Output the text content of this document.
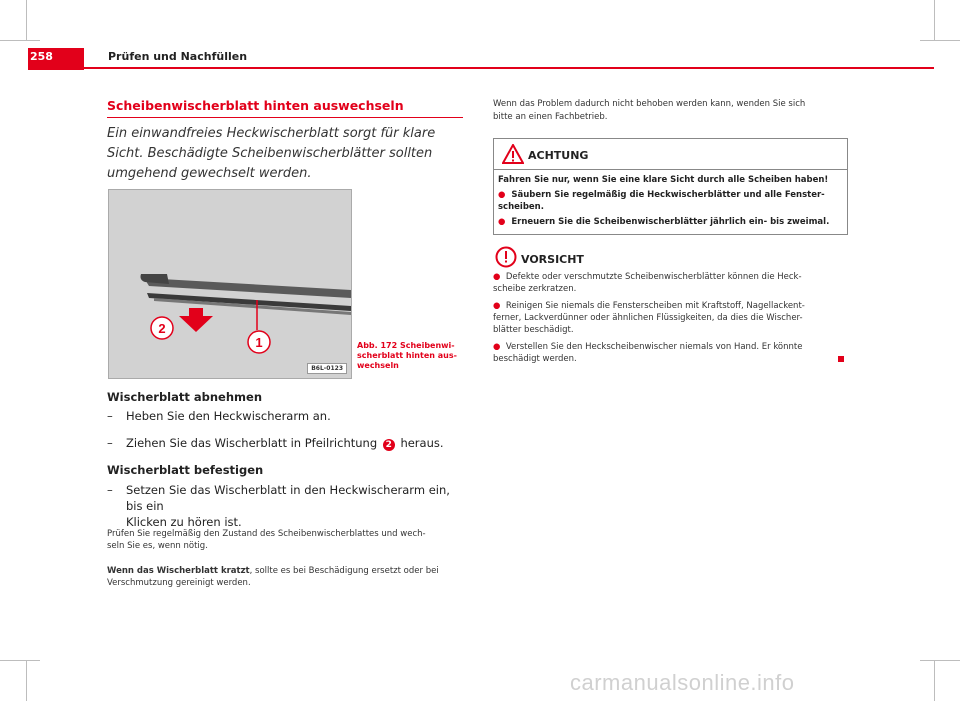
258	Prüfen und Nachfüllen
Scheibenwischerblatt hinten auswechseln
Ein einwandfreies Heckwischerblatt sorgt für klare Sicht. Beschädigte Scheibenwischerblätter sollten umgehend gewechselt werden.
2
1
B6L-0123
Abb. 172 Scheibenwi-
scherblatt hinten aus-
wechseln
Wischerblatt abnehmen
– Heben Sie den Heckwischerarm an.
– Ziehen Sie das Wischerblatt in Pfeilrichtung 2 heraus.
Wischerblatt befestigen
– Setzen Sie das Wischerblatt in den Heckwischerarm ein, bis ein
Klicken zu hören ist.
Prüfen Sie regelmäßig den Zustand des Scheibenwischerblattes und wech-
seln Sie es, wenn nötig.
Wenn das Wischerblatt kratzt, sollte es bei Beschädigung ersetzt oder bei
Verschmutzung gereinigt werden.
Wenn das Problem dadurch nicht behoben werden kann, wenden Sie sich
bitte an einen Fachbetrieb.
ACHTUNG
Fahren Sie nur, wenn Sie eine klare Sicht durch alle Scheiben haben!
● Säubern Sie regelmäßig die Heckwischerblätter und alle Fenster-
scheiben.
● Erneuern Sie die Scheibenwischerblätter jährlich ein- bis zweimal.
VORSICHT
● Defekte oder verschmutzte Scheibenwischerblätter können die Heck-
scheibe zerkratzen.
● Reinigen Sie niemals die Fensterscheiben mit Kraftstoff, Nagellackent-
ferner, Lackverdünner oder ähnlichen Flüssigkeiten, da dies die Wischer-
blätter beschädigt.
● Verstellen Sie den Heckscheibenwischer niemals von Hand. Er könnte
beschädigt werden.
carmanualsonline.info
